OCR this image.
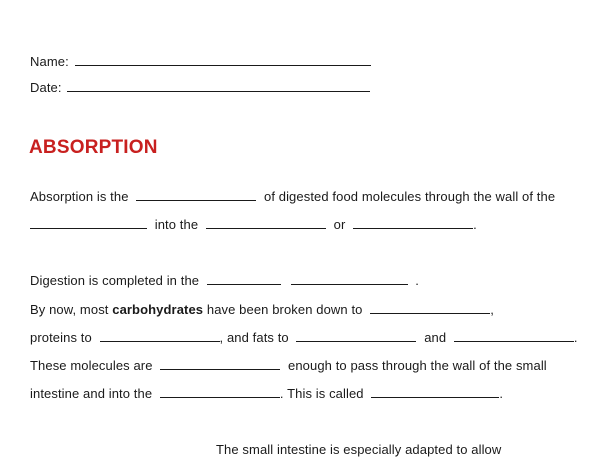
Name:
Date:
ABSORPTION
Absorption is the	of digested food molecules through the wall of the
into the	or	.
Digestion is completed in the	.
By now, most carbohydrates have been broken down to	,
proteins to	, and fats to	and	.
These molecules are	enough to pass through the wall of the small
intestine and into the	. This is called	.
The small intestine is especially adapted to allow
